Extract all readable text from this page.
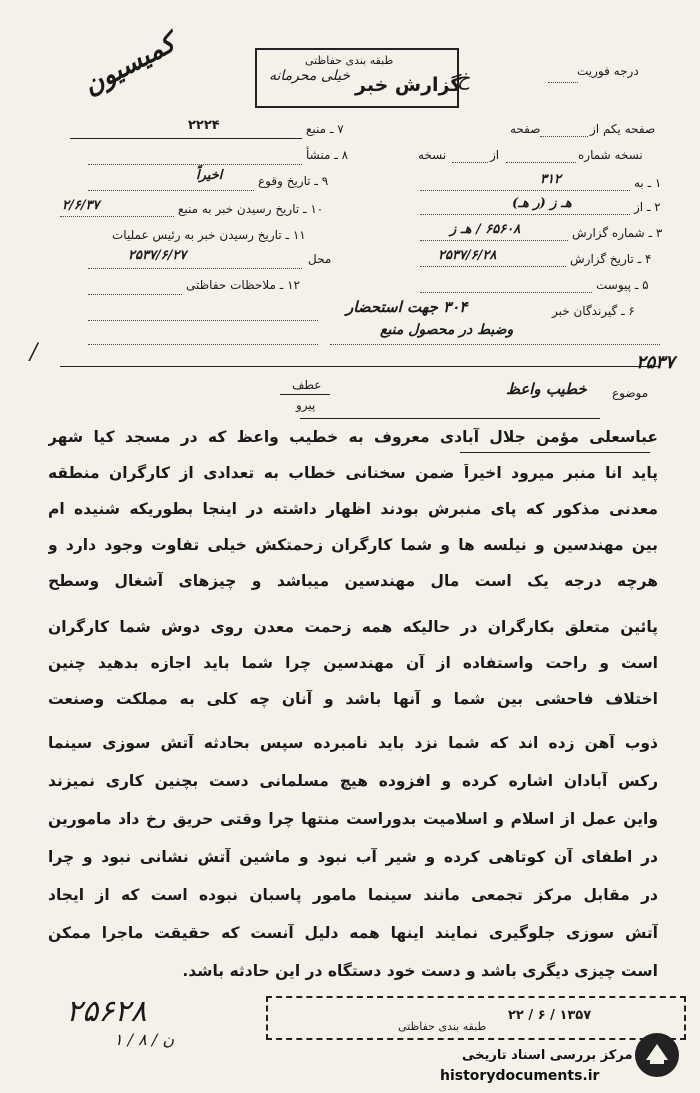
کمیسیون	طبقه بندی حفاظتی
خیلی محرمانه گزارش خبر
خ	درجه فوریت
صفحه یکم از
صفحه
نسخه شماره
از
نسخه
۱ ـ به
۳۱۲
۲ ـ از
هـ ز (ر هـ)
۳ ـ شماره گزارش
۶۵۶۰۸ / هـ ز
۴ ـ تاریخ گزارش
۲۵۳۷/۶/۲۸
۵ ـ پیوست
۶ ـ گیرندگان خبر
۳۰۴ جهت استحضار
وضبط در محصول منبع
۷ ـ منبع
۲۲۲۴
۸ ـ منشأ
۹ ـ تاریخ وقوع
اخیراً
۱۰ ـ تاریخ رسیدن خبر به منبع
۲/۶/۳۷
۱۱ ـ تاریخ رسیدن خبر به رئیس عملیات
محل
۲۵۳۷/۶/۲۷
۱۲ ـ ملاحظات حفاظتی
/
موضوع
خطیب واعظ
عطف
پیرو
۲۵۳۷
عباسعلی مؤمن جلال آبادی معروف به خطیب واعظ که در مسجد کیا شهر
پاید انا منبر میرود اخیراً ضمن سخنانی خطاب به تعدادی از کارگران منطقه
معدنی مذکور که پای منبرش بودند اظهار داشته در اینجا بطوریکه شنیده ام
بین مهندسین و نیلسه ها و شما کارگران زحمتکش خیلی تفاوت وجود دارد و
هرچه درجه یک است مال مهندسین میباشد و چیزهای آشغال وسطح
پائین متعلق بکارگران در حالیکه همه زحمت معدن روی دوش شما کارگران
است و راحت واستفاده از آن مهندسین چرا شما باید اجازه بدهید چنین
اختلاف فاحشی بین شما و آنها باشد و آنان چه کلی به مملکت وصنعت
ذوب آهن زده اند که شما نزد باید نامبرده سپس بحادثه آتش سوزی سینما
رکس آبادان اشاره کرده و افزوده هیچ مسلمانی دست بچنین کاری نمیزند
واین عمل از اسلام و اسلامیت بدوراست منتها چرا وقتی حریق رخ داد مامورین
در اطفای آن کوتاهی کرده و شیر آب نبود و ماشین آتش نشانی نبود و چرا
در مقابل مرکز تجمعی مانند سینما مامور پاسبان نبوده است که از ایجاد
آتش سوزی جلوگیری نمایند اینها همه دلیل آنست که حقیقت ماجرا ممکن
است چیزی دیگری باشد و دست خود دستگاه در این حادثه باشد.
۲۵۶۲۸
ن / ۸ / ۱
۱۳۵۷ / ۶ / ۲۲
طبقه بندی حفاظتی
مرکز بررسی اسناد تاریخی
historydocuments.ir
